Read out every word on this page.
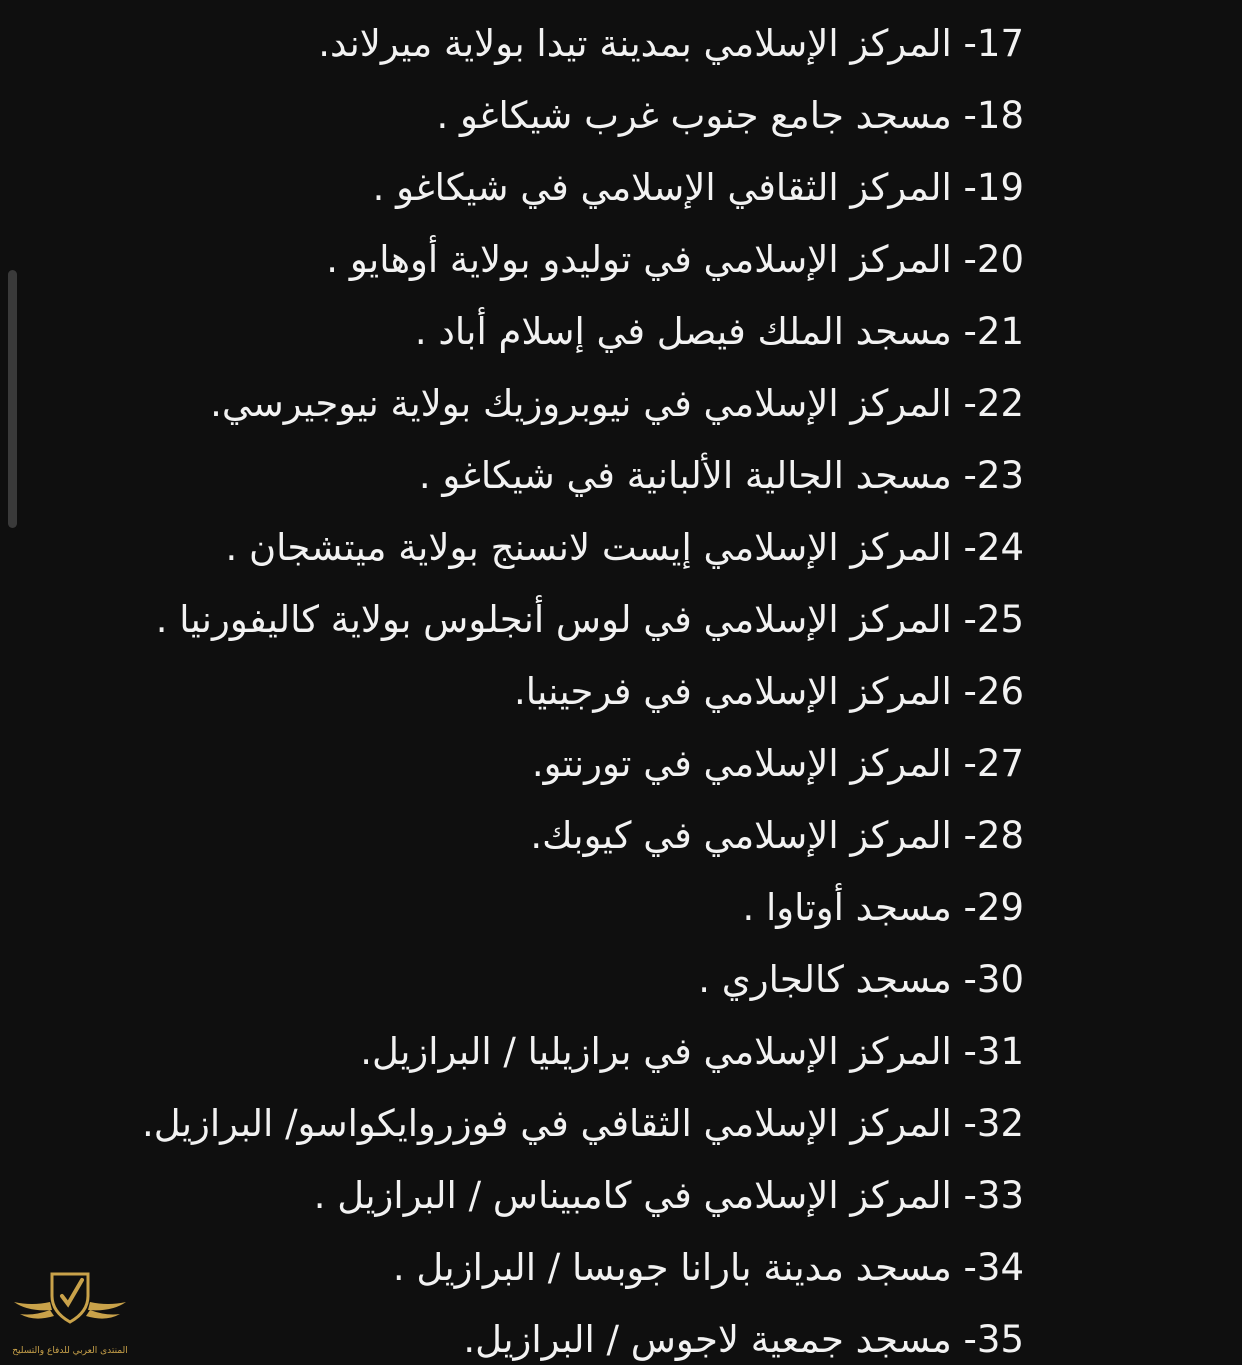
17- المركز الإسلامي بمدينة تيدا بولاية ميرلاند.
18- مسجد جامع جنوب غرب شيكاغو .
19- المركز الثقافي الإسلامي في شيكاغو .
20- المركز الإسلامي في توليدو بولاية أوهايو .
21- مسجد الملك فيصل في إسلام أباد .
22- المركز الإسلامي في نيوبروزيك بولاية نيوجيرسي.
23- مسجد الجالية الألبانية في شيكاغو .
24- المركز الإسلامي إيست لانسنج بولاية ميتشجان .
25- المركز الإسلامي في لوس أنجلوس بولاية كاليفورنيا .
26- المركز الإسلامي في فرجينيا.
27- المركز الإسلامي في تورنتو.
28- المركز الإسلامي في كيوبك.
29- مسجد أوتاوا .
30- مسجد كالجاري .
31- المركز الإسلامي في برازيليا / البرازيل.
32- المركز الإسلامي الثقافي في فوزروايكواسو/ البرازيل.
33- المركز الإسلامي في كامبيناس / البرازيل .
34- مسجد مدينة بارانا جوبسا / البرازيل .
35- مسجد جمعية لاجوس / البرازيل.
المنتدى العربي للدفاع والتسليح
